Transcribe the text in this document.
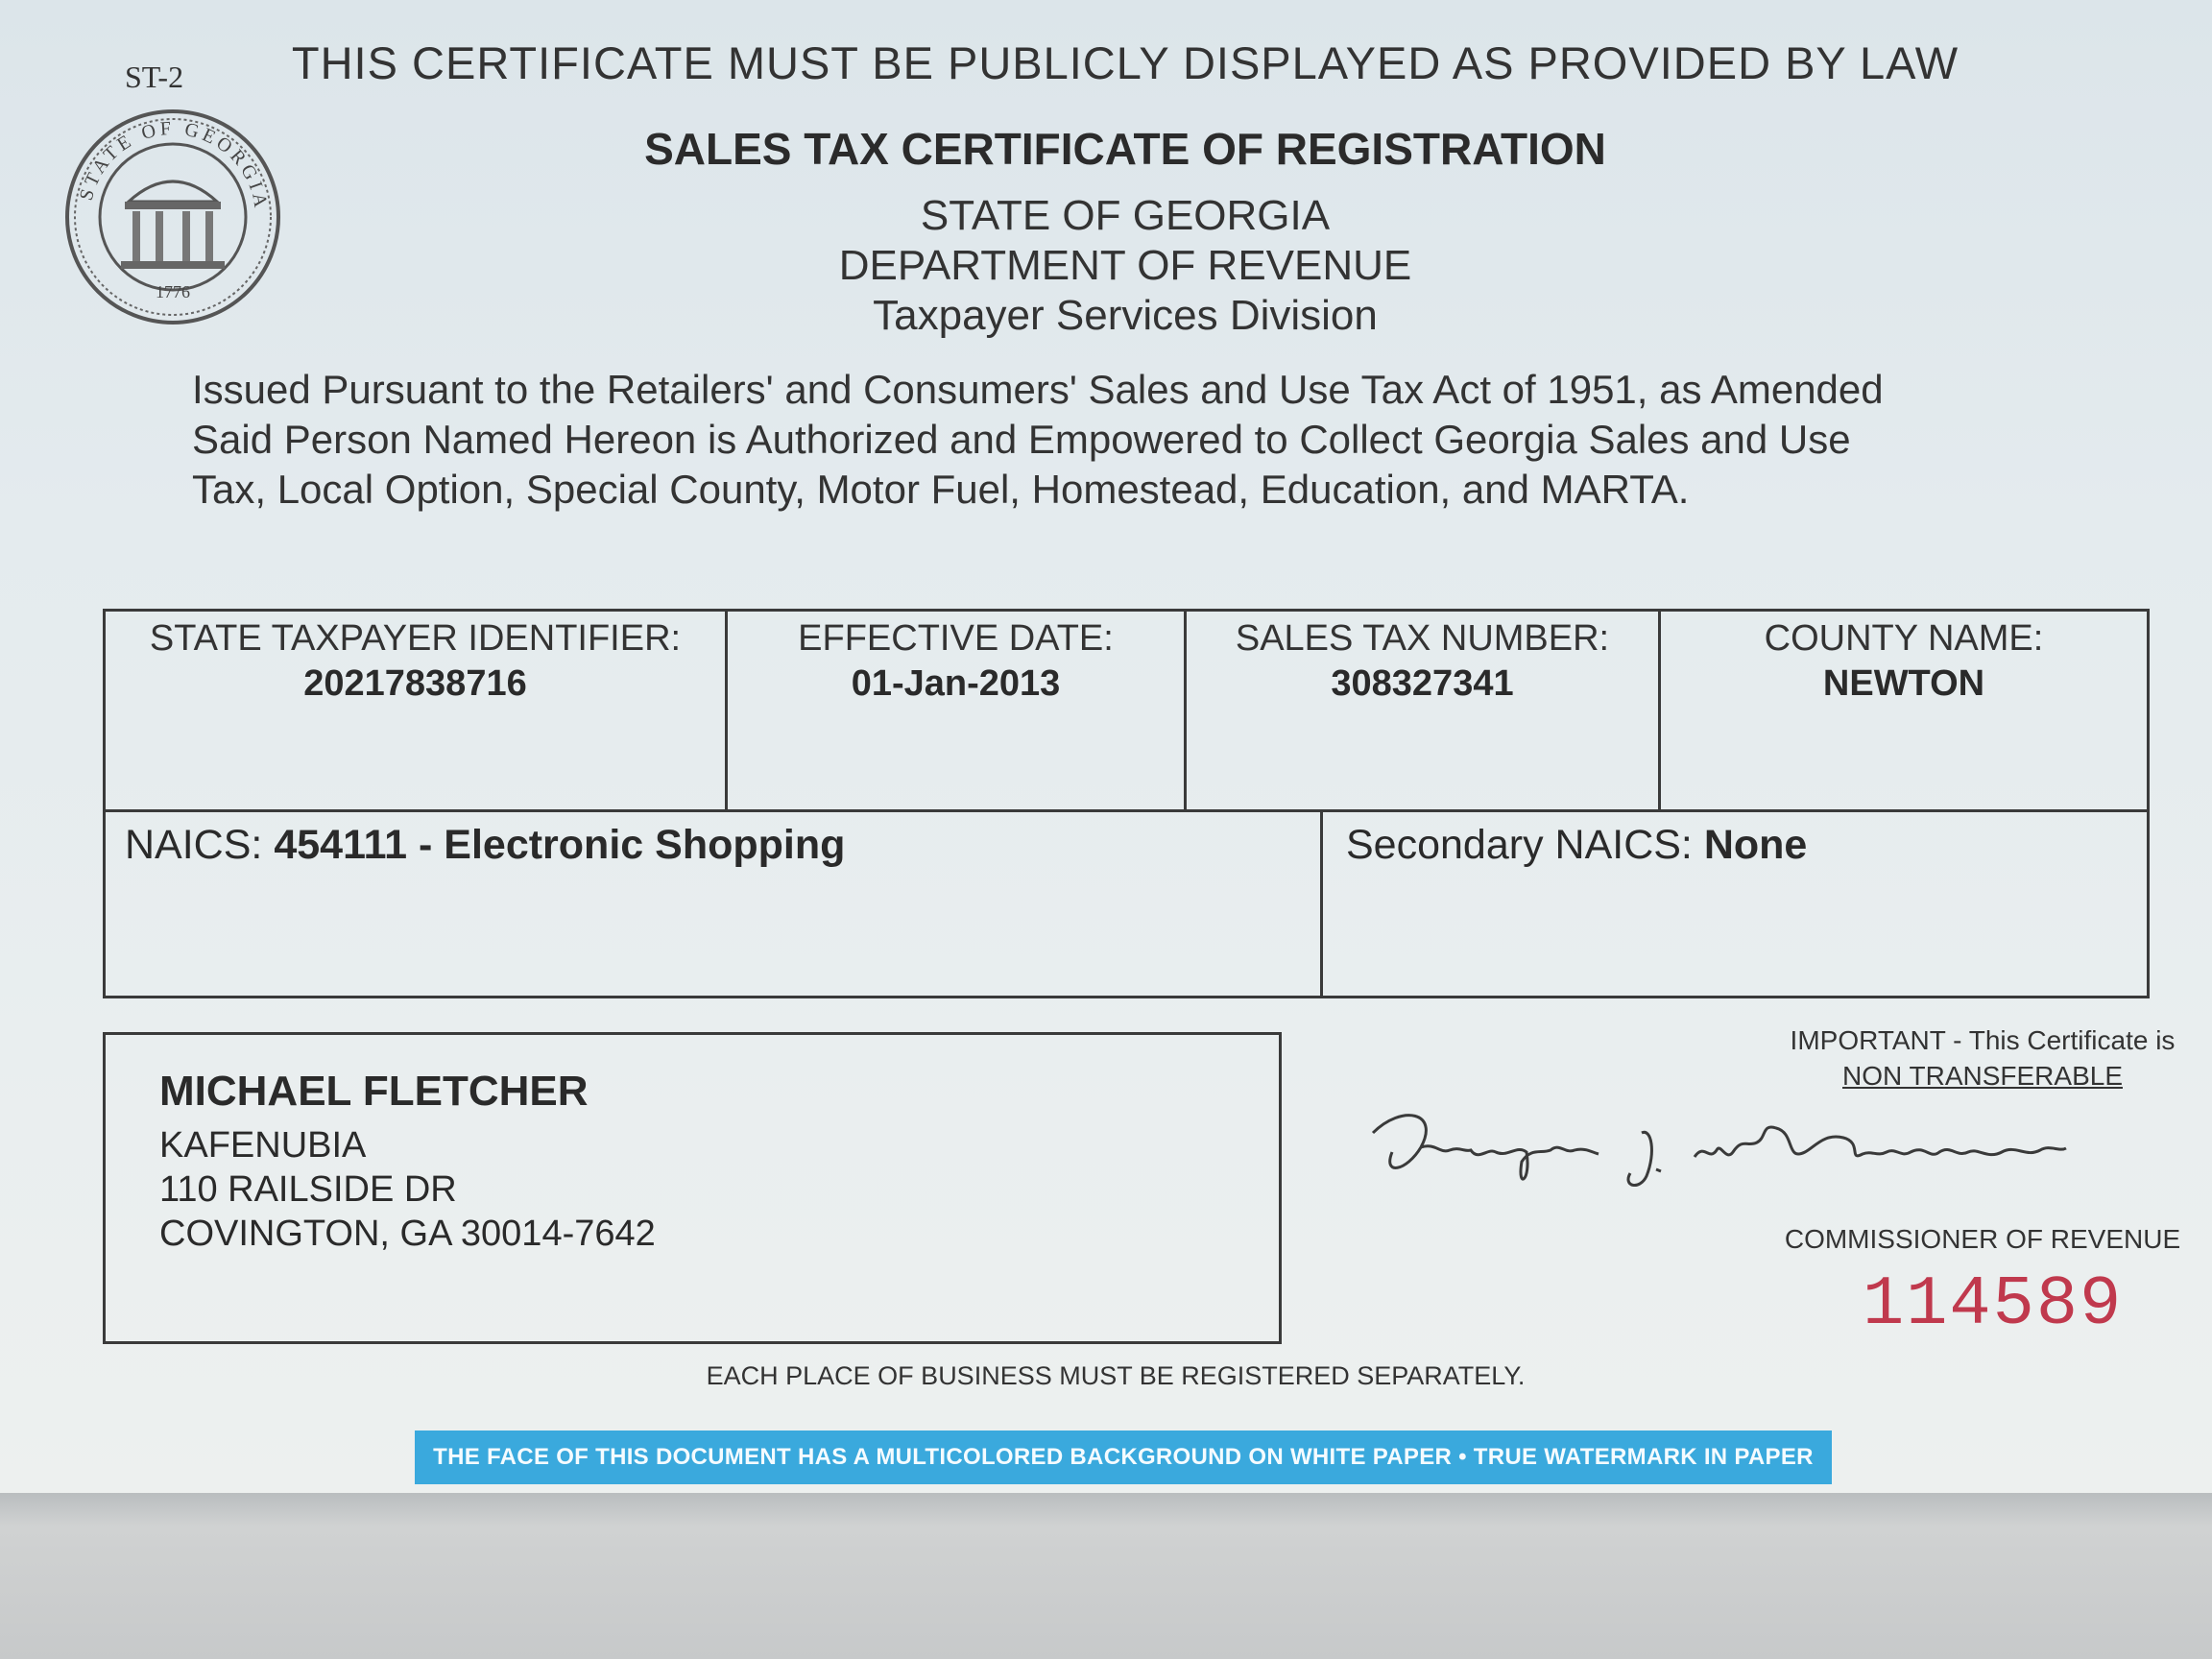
ST-2
STATE OF GEORGIA
1776
THIS CERTIFICATE MUST BE PUBLICLY DISPLAYED AS PROVIDED BY LAW
SALES TAX CERTIFICATE OF REGISTRATION
STATE OF GEORGIA
DEPARTMENT OF REVENUE
Taxpayer Services Division
Issued Pursuant to the Retailers' and Consumers' Sales and Use Tax Act of 1951, as Amended
Said Person Named Hereon is Authorized and Empowered to Collect Georgia Sales and Use
Tax, Local Option, Special County, Motor Fuel, Homestead, Education, and MARTA.
STATE TAXPAYER IDENTIFIER:
20217838716
EFFECTIVE DATE:
01-Jan-2013
SALES TAX NUMBER:
308327341
COUNTY NAME:
NEWTON
NAICS: 454111 - Electronic Shopping	Secondary NAICS: None
MICHAEL FLETCHER
KAFENUBIA
110 RAILSIDE DR
COVINGTON, GA 30014-7642
IMPORTANT - This Certificate is
NON TRANSFERABLE
COMMISSIONER OF REVENUE
114589
EACH PLACE OF BUSINESS MUST BE REGISTERED SEPARATELY.
THE FACE OF THIS DOCUMENT HAS A MULTICOLORED BACKGROUND ON WHITE PAPER • TRUE WATERMARK IN PAPER
